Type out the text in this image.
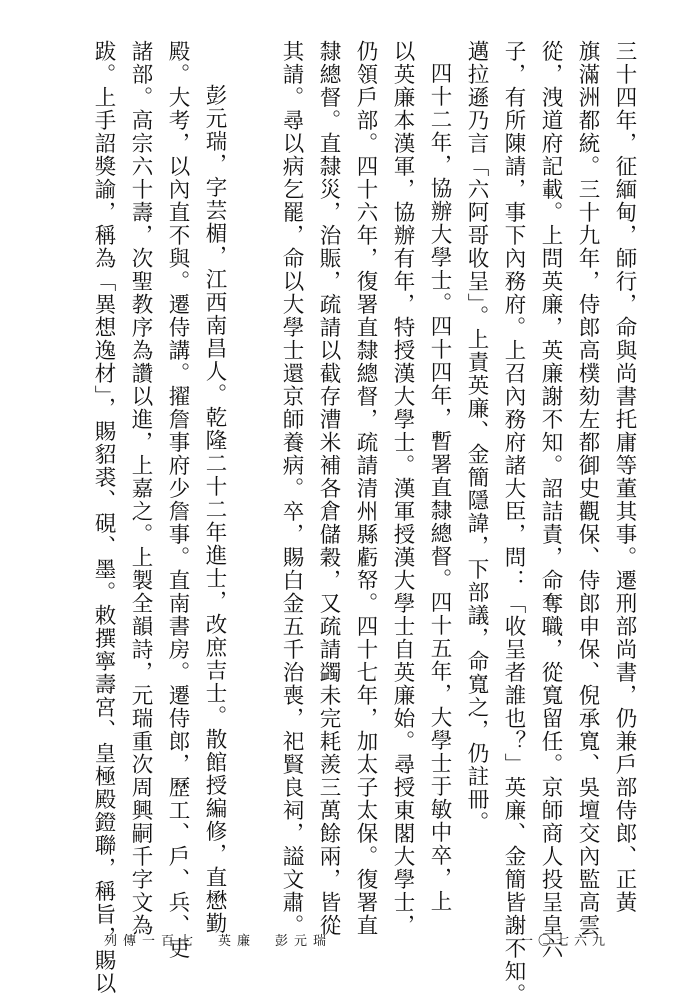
三十四年，征緬甸，師行，命與尚書托庸等董其事。遷刑部尚書，仍兼戶部侍郎、正黃
旗滿洲都統。三十九年，侍郎高樸劾左都御史觀保、侍郎申保、倪承寬、吳壇交內監高雲
從，洩道府記載。上問英廉，英廉謝不知。詔詰責，命奪職，從寬留任。京師商人投呈皇六
子，有所陳請，事下內務府。上召內務府諸大臣，問：「收呈者誰也？」英廉、金簡皆謝不知。
邁拉遜乃言「六阿哥收呈」。上責英廉、金簡隱諱，下部議，命寬之，仍註冊。
四十二年，協辦大學士。四十四年，暫署直隸總督。四十五年，大學士于敏中卒，上
以英廉本漢軍，協辦有年，特授漢大學士。漢軍授漢大學士自英廉始。尋授東閣大學士，
仍領戶部。四十六年，復署直隸總督，疏請清州縣虧帑。四十七年，加太子太保。復署直
隸總督。直隸災，治賑，疏請以截存漕米補各倉儲穀，又疏請蠲未完耗羨三萬餘兩，皆從
其請。尋以病乞罷，命以大學士還京師養病。卒，賜白金五千治喪，祀賢良祠，謚文肅。
彭元瑞，字芸楣，江西南昌人。乾隆二十二年進士，改庶吉士。散館授編修，直懋勤
殿。大考，以內直不與。遷侍講。擢詹事府少詹事。直南書房。遷侍郎，歷工、戶、兵、吏
諸部。高宗六十壽，次聖教序為讚以進，上嘉之。上製全韻詩，元瑞重次周興嗣千字文為
跋。上手詔獎諭，稱為「異想逸材」，賜貂裘、硯、墨。敕撰寧壽宮、皇極殿鐙聯，稱旨，賜以
列傳一百七　英廉　彭元瑞	一〇七六九
